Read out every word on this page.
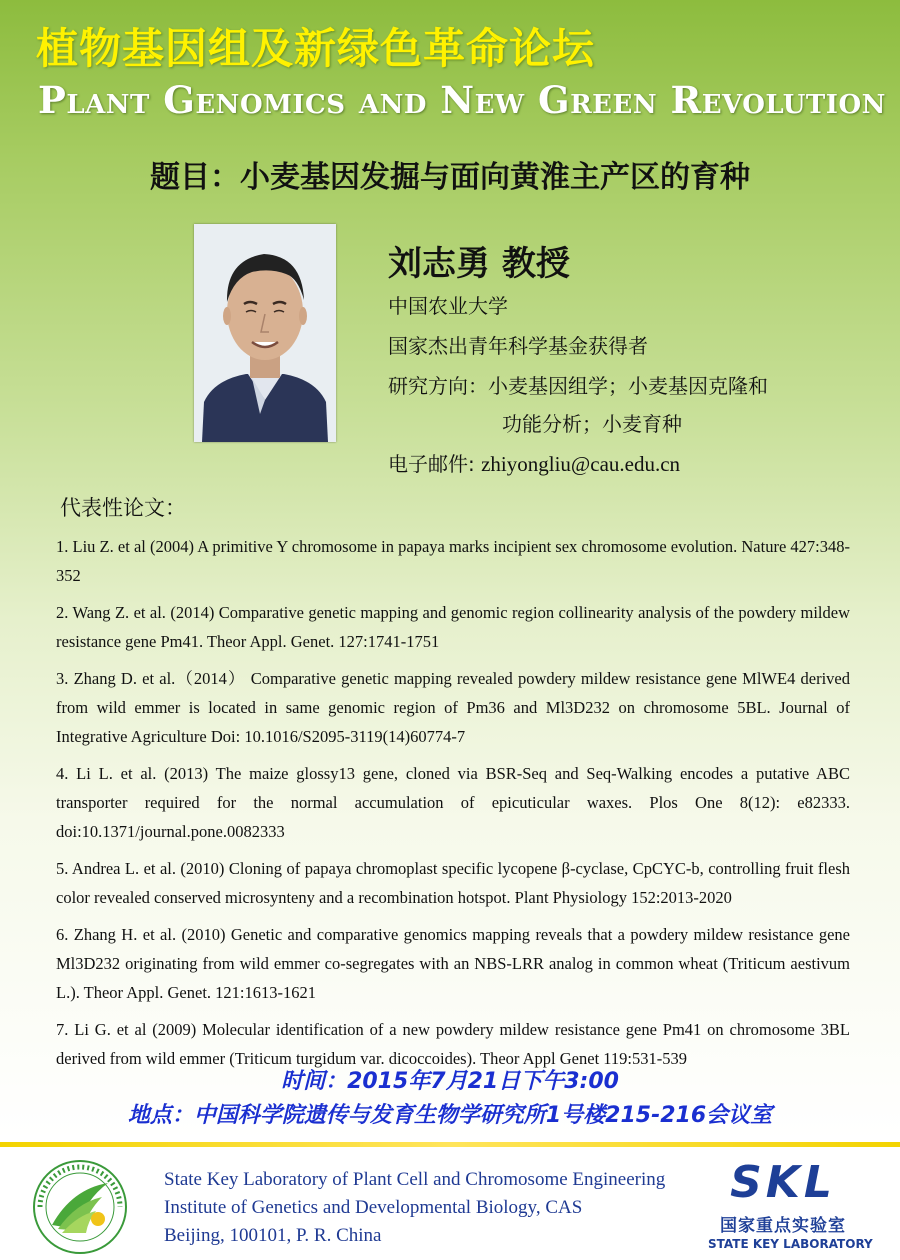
植物基因组及新绿色革命论坛
Plant Genomics and New Green Revolution
题目：小麦基因发掘与面向黄淮主产区的育种
刘志勇 教授
中国农业大学
国家杰出青年科学基金获得者
研究方向：小麦基因组学；小麦基因克隆和
功能分析；小麦育种
电子邮件: zhiyongliu@cau.edu.cn
代表性论文：

1. Liu Z. et al (2004) A primitive Y chromosome in papaya marks incipient sex chromosome evolution. Nature 427:348-352

2. Wang Z. et al. (2014) Comparative genetic mapping and genomic region collinearity analysis of the powdery mildew resistance gene Pm41. Theor Appl. Genet. 127:1741-1751

3. Zhang D. et al.（2014） Comparative genetic mapping revealed powdery mildew resistance gene MlWE4 derived from wild emmer is located in same genomic region of Pm36 and Ml3D232 on chromosome 5BL. Journal of Integrative Agriculture Doi: 10.1016/S2095-3119(14)60774-7

4. Li L. et al. (2013) The maize glossy13 gene, cloned via BSR-Seq and Seq-Walking encodes a putative ABC transporter required for the normal accumulation of epicuticular waxes. Plos One 8(12): e82333. doi:10.1371/journal.pone.0082333

5. Andrea L. et al. (2010) Cloning of papaya chromoplast specific lycopene β-cyclase, CpCYC-b, controlling fruit flesh color revealed conserved microsynteny and a recombination hotspot. Plant Physiology 152:2013-2020

6. Zhang H. et al. (2010) Genetic and comparative genomics mapping reveals that a powdery mildew resistance gene Ml3D232 originating from wild emmer co-segregates with an NBS-LRR analog in common wheat (Triticum aestivum L.). Theor Appl. Genet. 121:1613-1621

7. Li G. et al (2009) Molecular identification of a new powdery mildew resistance gene Pm41 on chromosome 3BL derived from wild emmer (Triticum turgidum var. dicoccoides). Theor Appl Genet 119:531-539

时间：2015年7月21日下午3:00
地点：中国科学院遗传与发育生物学研究所1号楼215-216会议室
State Key Laboratory of Plant Cell and Chromosome Engineering
Institute of Genetics and Developmental Biology, CAS
Beijing, 100101, P. R. China
SKL
国家重点实验室
STATE KEY LABORATORY
